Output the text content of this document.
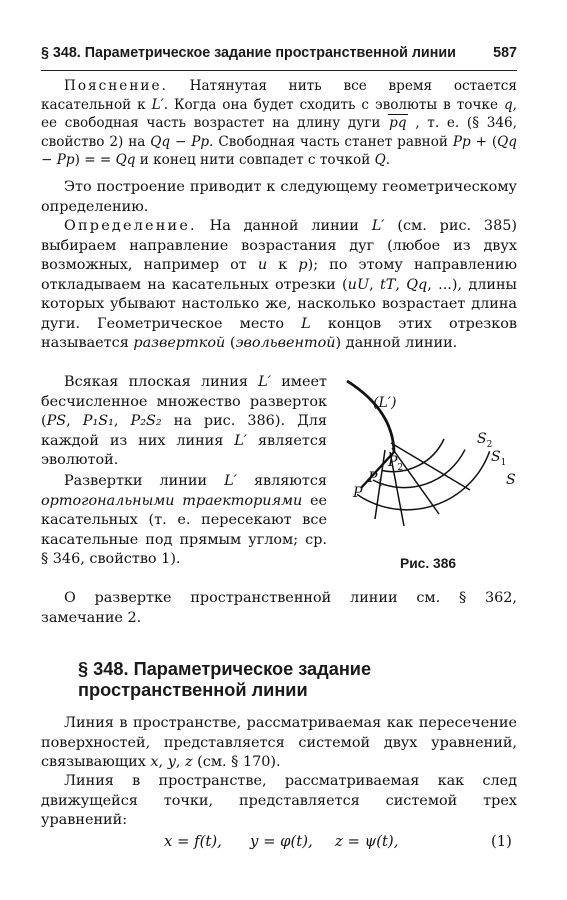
§ 348. Параметрическое задание пространственной линии	587

Пояснение. Натянутая нить все время остается касательной к L′. Когда она будет сходить с эволюты в точке q, ее свободная часть возрастет на длину дуги pq , т. е. (§ 346, свойство 2) на Qq − Pp. Свободная часть станет равной Pp + (Qq − Pp) = = Qq и конец нити совпадет с точкой Q.

Это построение приводит к следующему геометрическому определению.

Определение. На данной линии L′ (см. рис. 385) выбираем направление возрастания дуг (любое из двух возможных, например от u к p); по этому направлению откладываем на касательных отрезки (uU, tT, Qq, ...), длины которых убывают настолько же, насколько возрастает длина дуги. Геометрическое место L концов этих отрезков называется разверткой (эвольвентой) данной линии.

Всякая плоская линия L′ имеет бесчисленное множество разверток (PS, P₁S₁, P₂S₂ на рис. 386). Для каждой из них линия L′ является эволютой.

Развертки линии L′ являются ортогональными траекториями ее касательных (т. е. пересекают все касательные под прямым углом; ср. § 346, свойство 1).

(L′)
P
$P_1$
$P_2$
$S_2$
$S_1$
S
Рис. 386

О развертке пространственной линии см. § 362, замечание 2.

§ 348. Параметрическое задание
пространственной линии

Линия в пространстве, рассматриваемая как пересечение поверхностей, представляется системой двух уравнений, связывающих x, y, z (см. § 170).

Линия в пространстве, рассматриваемая как след движущейся точки, представляется системой трех уравнений:

x = f(t), y = φ(t), z = ψ(t),	(1)
